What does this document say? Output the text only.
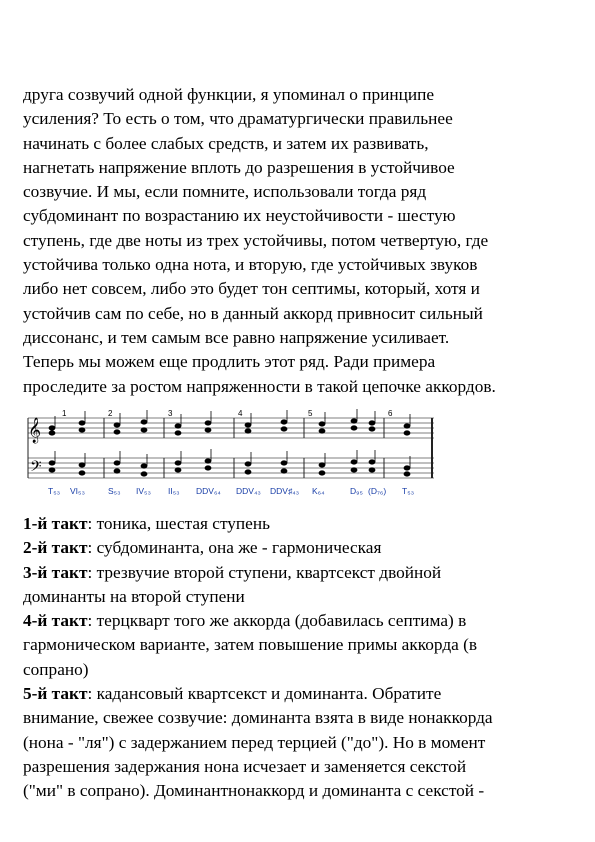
друга созвучий одной функции, я упоминал о принципе
усиления? То есть о том, что драматургически правильнее
начинать с более слабых средств, и затем их развивать,
нагнетать напряжение вплоть до разрешения в устойчивое
созвучие. И мы, если помните, использовали тогда ряд
субдоминант по возрастанию их неустойчивости - шестую
ступень, где две ноты из трех устойчивы, потом четвертую, где
устойчива только одна нота, и вторую, где устойчивых звуков
либо нет совсем, либо это будет тон септимы, который, хотя и
устойчив сам по себе, но в данный аккорд привносит сильный
диссонанс, и тем самым все равно напряжение усиливает.
Теперь мы можем еще продлить этот ряд. Ради примера
проследите за ростом напряженности в такой цепочке аккордов.
𝄞
𝄢
1	2	3	4	5	6
T₅₃ VI₅₃	S₅₃ IV₅₃ II₅₃ DDV₆₄ DDV₄₃ DDV♯₄₃ K₆₄	D₉₅ (D₇₆) T₅₃
1-й такт: тоника, шестая ступень
2-й такт: субдоминанта, она же - гармоническая
3-й такт: трезвучие второй ступени, квартсекст двойной
доминанты на второй ступени
4-й такт: терцкварт того же аккорда (добавилась септима) в
гармоническом варианте, затем повышение примы аккорда (в
сопрано)
5-й такт: кадансовый квартсекст и доминанта. Обратите
внимание, свежее созвучие: доминанта взята в виде нонаккорда
(нона - "ля") с задержанием перед терцией ("до"). Но в момент
разрешения задержания нона исчезает и заменяется секстой
("ми" в сопрано). Доминантнонаккорд и доминанта с секстой -
